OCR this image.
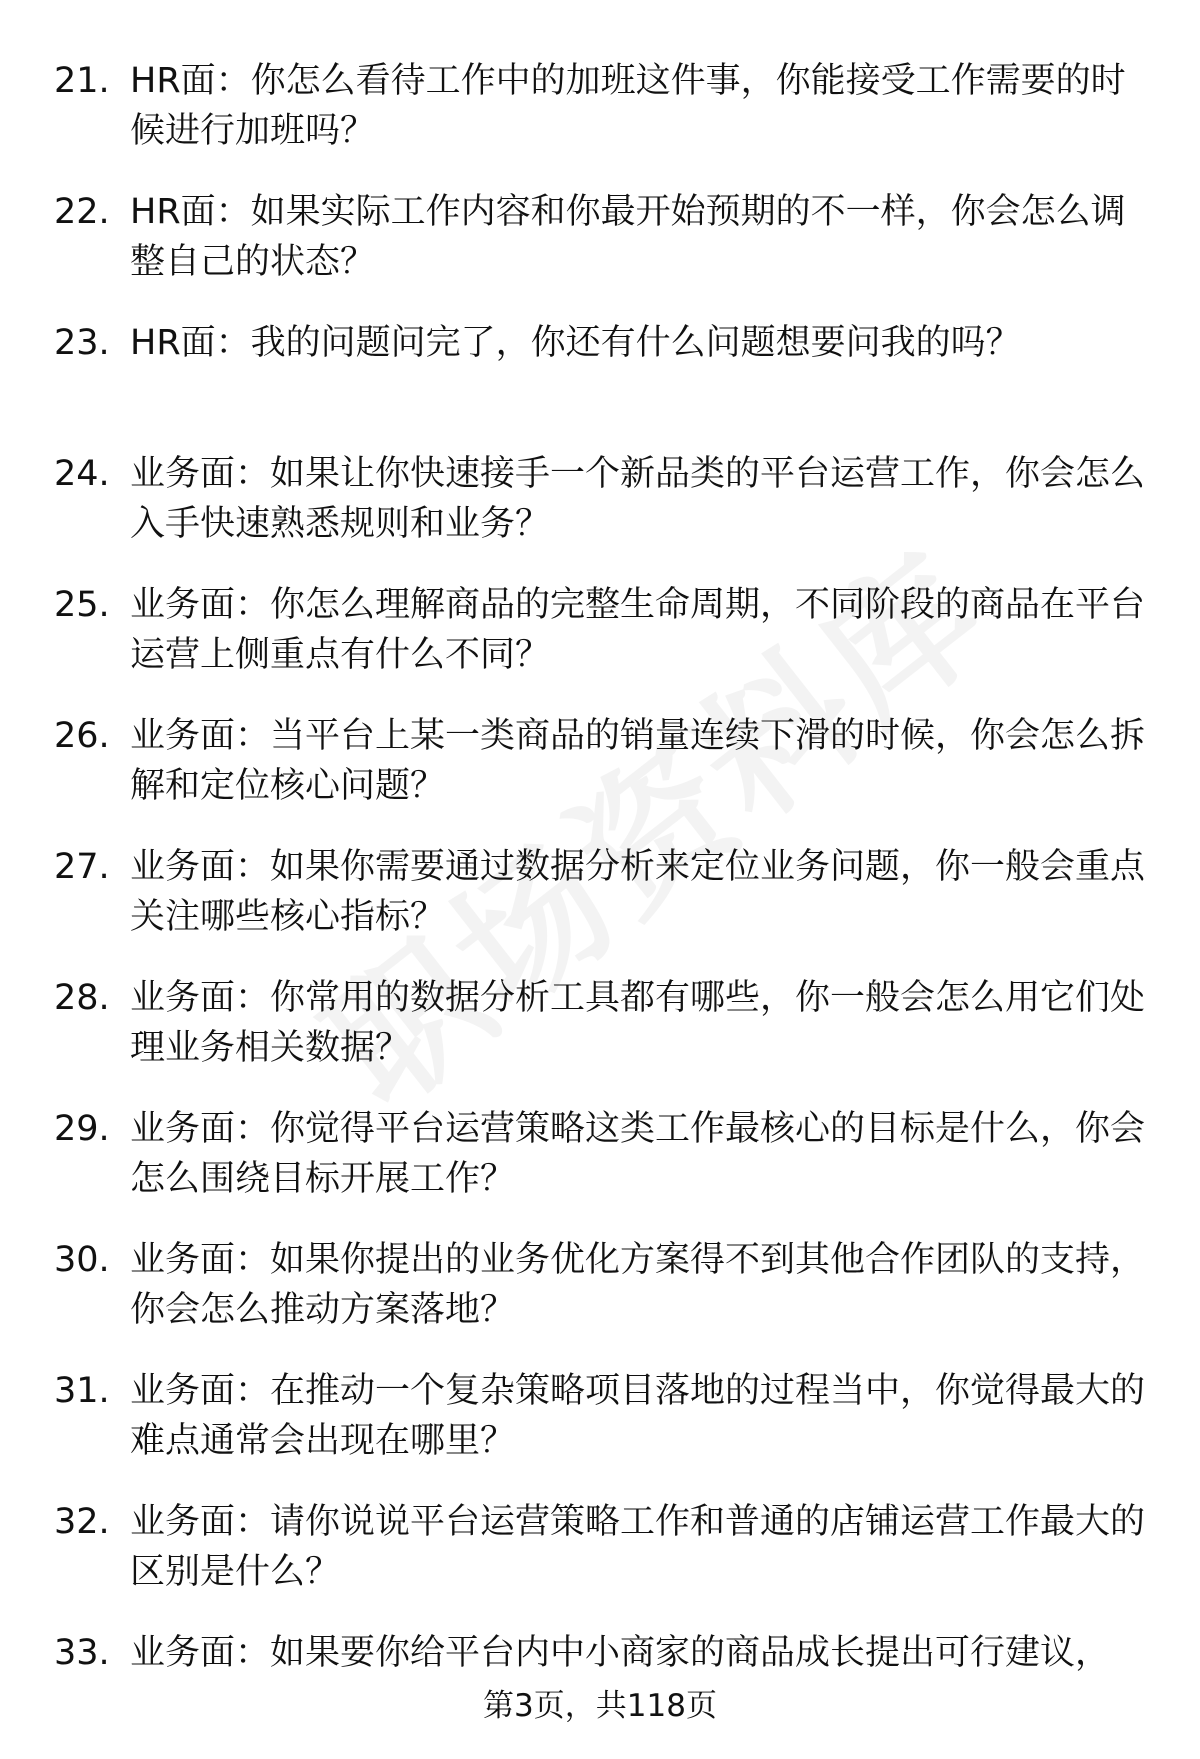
21. HR面：你怎么看待工作中的加班这件事，你能接受工作需要的时候进行加班吗？
22. HR面：如果实际工作内容和你最开始预期的不一样，你会怎么调整自己的状态？
23. HR面：我的问题问完了，你还有什么问题想要问我的吗？
24. 业务面：如果让你快速接手一个新品类的平台运营工作，你会怎么入手快速熟悉规则和业务？
25. 业务面：你怎么理解商品的完整生命周期，不同阶段的商品在平台运营上侧重点有什么不同？
26. 业务面：当平台上某一类商品的销量连续下滑的时候，你会怎么拆解和定位核心问题？
27. 业务面：如果你需要通过数据分析来定位业务问题，你一般会重点关注哪些核心指标？
28. 业务面：你常用的数据分析工具都有哪些，你一般会怎么用它们处理业务相关数据？
29. 业务面：你觉得平台运营策略这类工作最核心的目标是什么，你会怎么围绕目标开展工作？
30. 业务面：如果你提出的业务优化方案得不到其他合作团队的支持，你会怎么推动方案落地？
31. 业务面：在推动一个复杂策略项目落地的过程当中，你觉得最大的难点通常会出现在哪里？
32. 业务面：请你说说平台运营策略工作和普通的店铺运营工作最大的区别是什么？
33. 业务面：如果要你给平台内中小商家的商品成长提出可行建议，
第3页，共118页
